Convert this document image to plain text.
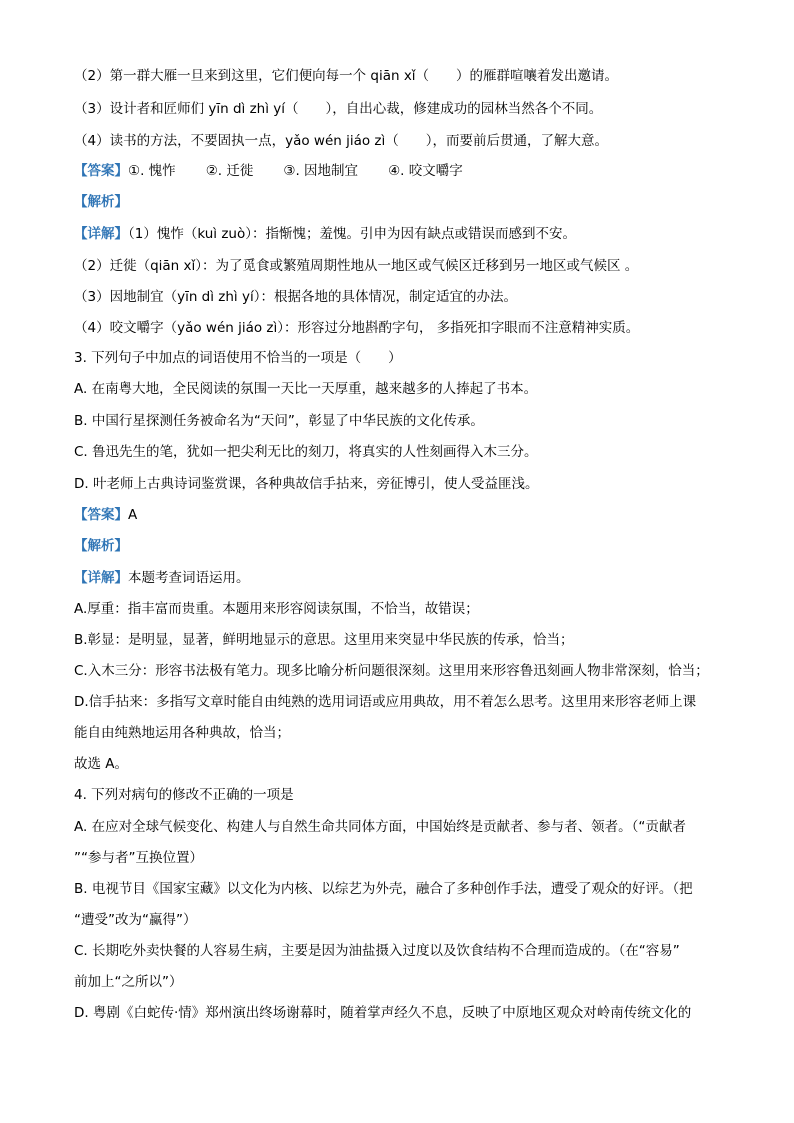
（2）第一群大雁一旦来到这里，它们便向每一个 qiān xǐ（　　）的雁群喧嚷着发出邀请。
（3）设计者和匠师们 yīn dì zhì yí（　　），自出心裁，修建成功的园林当然各个不同。
（4）读书的方法，不要固执一点，yǎo wén jiáo zì（　　），而要前后贯通，了解大意。
【答案】①. 愧怍 ②. 迁徙 ③. 因地制宜 ④. 咬文嚼字
【解析】
【详解】（1）愧怍（kuì zuò）：指惭愧；羞愧。引申为因有缺点或错误而感到不安。
（2）迁徙（qiān xǐ）：为了觅食或繁殖周期性地从一地区或气候区迁移到另一地区或气候区 。
（3）因地制宜（yīn dì zhì yí）：根据各地的具体情况，制定适宜的办法。
（4）咬文嚼字（yǎo wén jiáo zì）：形容过分地斟酌字句， 多指死扣字眼而不注意精神实质。
3. 下列句子中加点的词语使用不恰当的一项是（　　）
A. 在南粤大地，全民阅读的氛围一天比一天厚重，越来越多的人捧起了书本。
B. 中国行星探测任务被命名为“天问”，彰显了中华民族的文化传承。
C. 鲁迅先生的笔，犹如一把尖利无比的刻刀，将真实的人性刻画得入木三分。
D. 叶老师上古典诗词鉴赏课，各种典故信手拈来，旁征博引，使人受益匪浅。
【答案】A
【解析】
【详解】本题考查词语运用。
A.厚重：指丰富而贵重。本题用来形容阅读氛围，不恰当，故错误；
B.彰显：是明显，显著，鲜明地显示的意思。这里用来突显中华民族的传承，恰当；
C.入木三分：形容书法极有笔力。现多比喻分析问题很深刻。这里用来形容鲁迅刻画人物非常深刻，恰当；
D.信手拈来：多指写文章时能自由纯熟的选用词语或应用典故，用不着怎么思考。这里用来形容老师上课
能自由纯熟地运用各种典故，恰当；
故选 A。
4. 下列对病句的修改不正确的一项是
A. 在应对全球气候变化、构建人与自然生命共同体方面，中国始终是贡献者、参与者、领者。（“贡献者
”“参与者”互换位置）
B. 电视节目《国家宝藏》以文化为内核、以综艺为外壳，融合了多种创作手法，遭受了观众的好评。（把
“遭受”改为“赢得”）
C. 长期吃外卖快餐的人容易生病，主要是因为油盐摄入过度以及饮食结构不合理而造成的。（在“容易”
前加上“之所以”）
D. 粤剧《白蛇传·情》郑州演出终场谢幕时，随着掌声经久不息，反映了中原地区观众对岭南传统文化的
